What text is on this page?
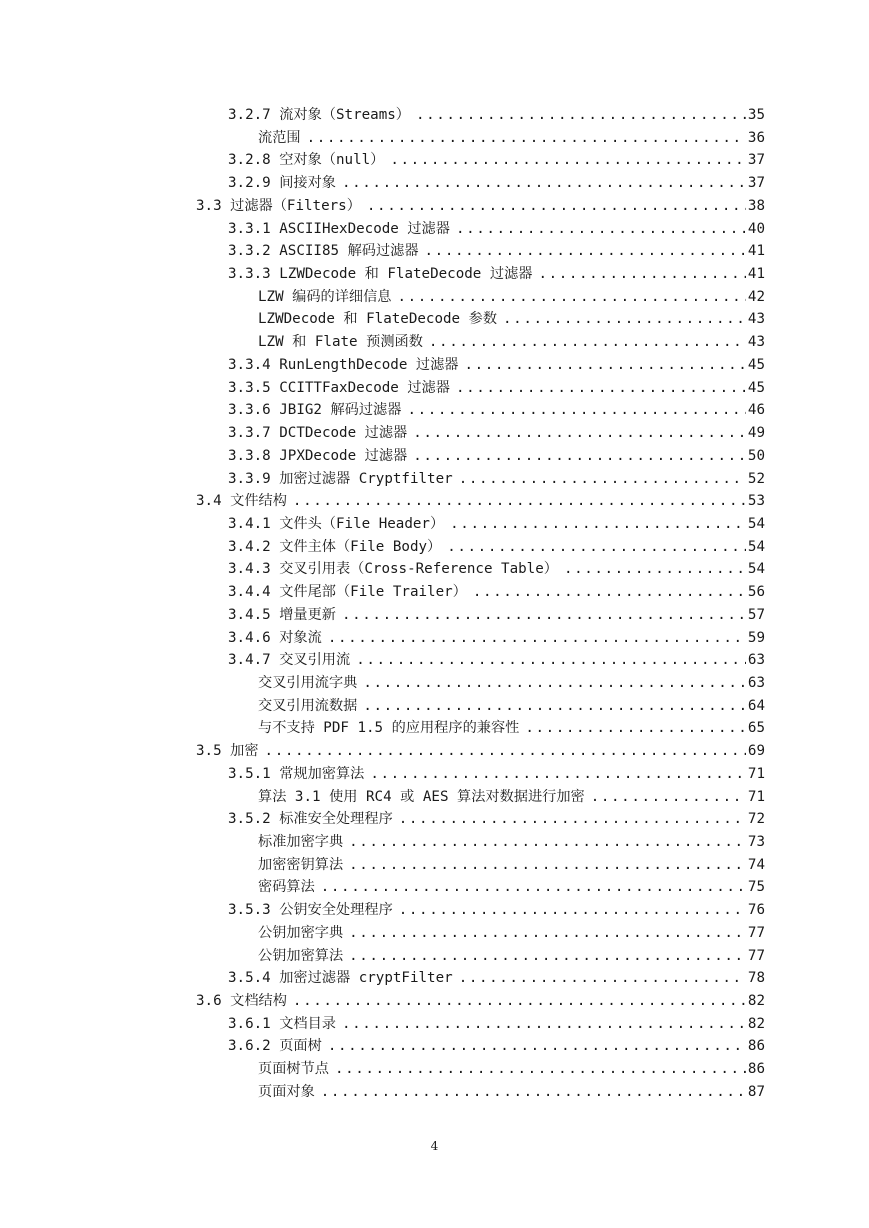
3.2.7 流对象（Streams） .....	35
流范围 .....	36
3.2.8 空对象（null） .....	37
3.2.9 间接对象 .....	37
3.3 过滤器（Filters） .....	38
3.3.1 ASCIIHexDecode 过滤器 .....	40
3.3.2 ASCII85 解码过滤器 .....	41
3.3.3 LZWDecode 和 FlateDecode 过滤器 .....	41
LZW 编码的详细信息 .....	42
LZWDecode 和 FlateDecode 参数 .....	43
LZW 和 Flate 预测函数 .....	43
3.3.4 RunLengthDecode 过滤器 .....	45
3.3.5 CCITTFaxDecode 过滤器 .....	45
3.3.6 JBIG2 解码过滤器 .....	46
3.3.7 DCTDecode 过滤器 .....	49
3.3.8 JPXDecode 过滤器 .....	50
3.3.9 加密过滤器 Cryptfilter .....	52
3.4 文件结构 .....	53
3.4.1 文件头（File Header） .....	54
3.4.2 文件主体（File Body） .....	54
3.4.3 交叉引用表（Cross-Reference Table） .....	54
3.4.4 文件尾部（File Trailer） .....	56
3.4.5 增量更新 .....	57
3.4.6 对象流 .....	59
3.4.7 交叉引用流 .....	63
交叉引用流字典 .....	63
交叉引用流数据 .....	64
与不支持 PDF 1.5 的应用程序的兼容性 .....	65
3.5 加密 .....	69
3.5.1 常规加密算法 .....	71
算法 3.1 使用 RC4 或 AES 算法对数据进行加密 .....	71
3.5.2 标准安全处理程序 .....	72
标准加密字典 .....	73
加密密钥算法 .....	74
密码算法 .....	75
3.5.3 公钥安全处理程序 .....	76
公钥加密字典 .....	77
公钥加密算法 .....	77
3.5.4 加密过滤器 cryptFilter .....	78
3.6 文档结构 .....	82
3.6.1 文档目录 .....	82
3.6.2 页面树 .....	86
页面树节点 .....	86
页面对象 .....	87
4
